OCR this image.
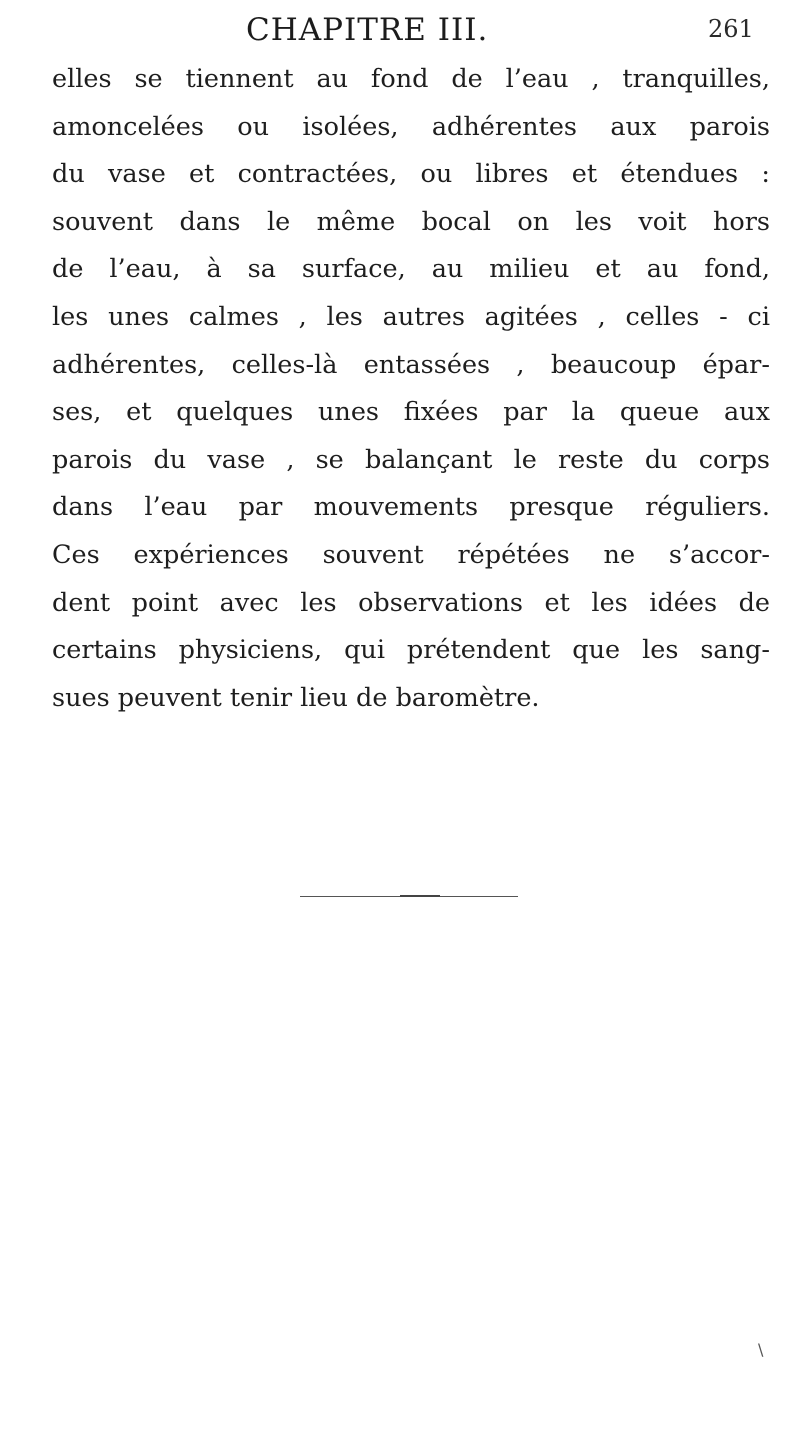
CHAPITRE III.	261
elles se tiennent au fond de l’eau , tranquilles,
amoncelées ou isolées, adhérentes aux parois
du vase et contractées, ou libres et étendues :
souvent dans le même bocal on les voit hors
de l’eau, à sa surface, au milieu et au fond,
les unes calmes , les autres agitées , celles - ci
adhérentes, celles-là entassées , beaucoup épar-
ses, et quelques unes fixées par la queue aux
parois du vase , se balançant le reste du corps
dans l’eau par mouvements presque réguliers.
Ces expériences souvent répétées ne s’accor-
dent point avec les observations et les idées de
certains physiciens, qui prétendent que les sang-
sues peuvent tenir lieu de baromètre.
\
